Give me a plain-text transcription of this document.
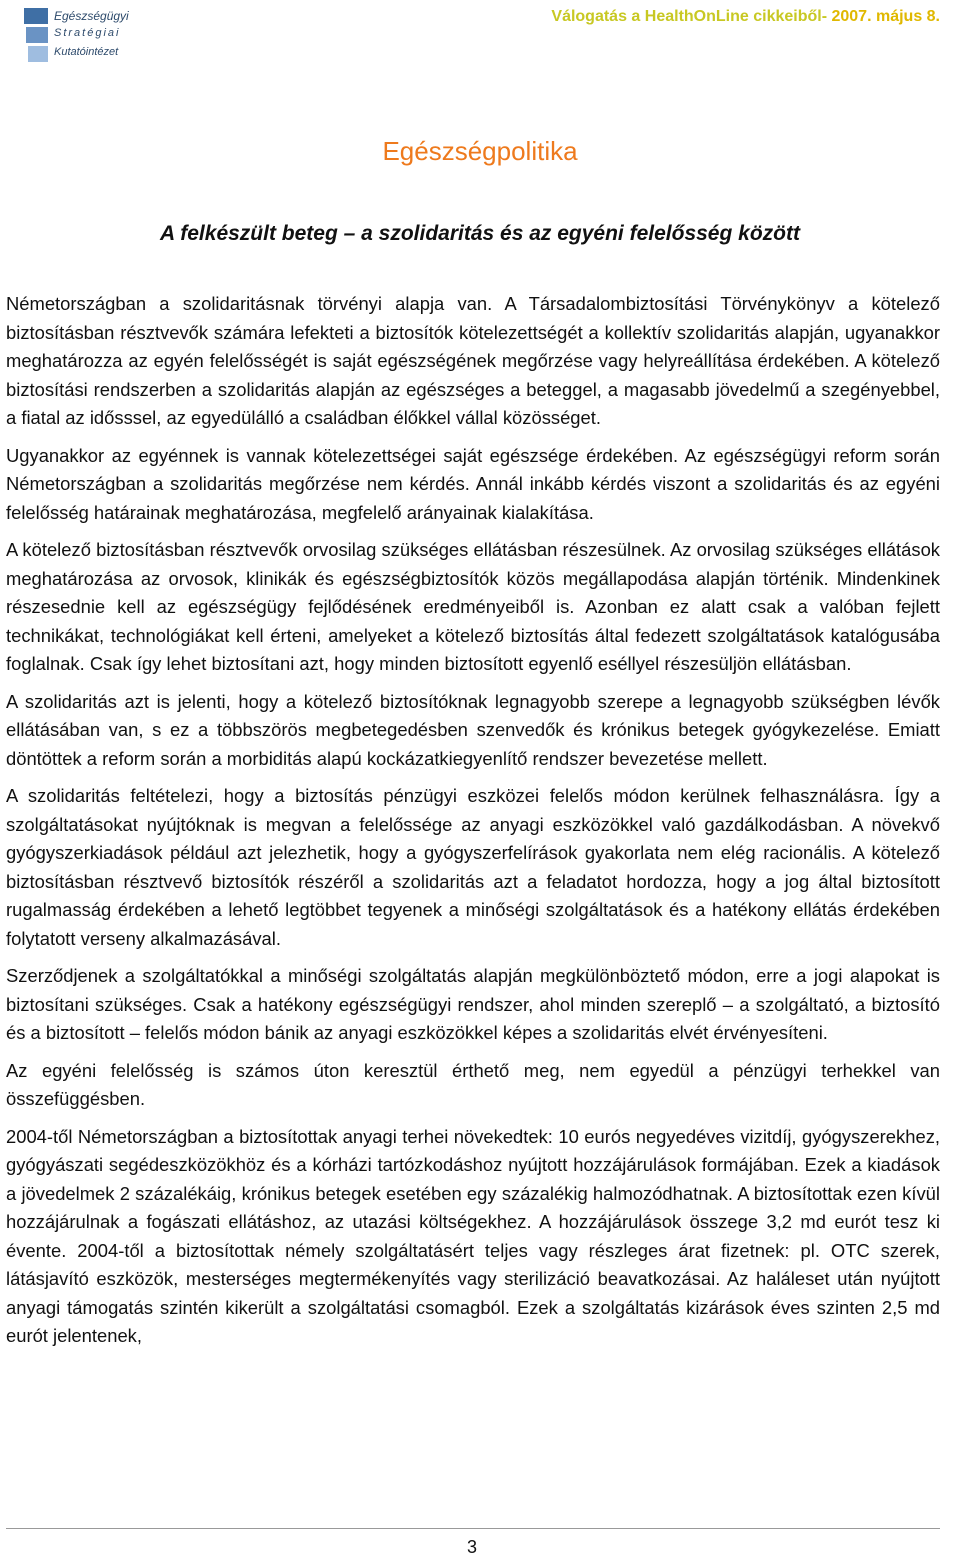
Egészségügyi
Stratégiai
Kutatóintézet
Válogatás a HealthOnLine cikkeiből- 2007. május 8.
Egészségpolitika
A felkészült beteg – a szolidaritás és az egyéni felelősség között

Németországban a szolidaritásnak törvényi alapja van. A Társadalombiztosítási Törvénykönyv a kötelező biztosításban résztvevők számára lefekteti a biztosítók kötelezettségét a kollektív szolidaritás alapján, ugyanakkor meghatározza az egyén felelősségét is saját egészségének megőrzése vagy helyreállítása érdekében. A kötelező biztosítási rendszerben a szolidaritás alapján az egészséges a beteggel, a magasabb jövedelmű a szegényebbel, a fiatal az idősssel, az egyedülálló a családban élőkkel vállal közösséget.

Ugyanakkor az egyénnek is vannak kötelezettségei saját egészsége érdekében. Az egészségügyi reform során Németországban a szolidaritás megőrzése nem kérdés. Annál inkább kérdés viszont a szolidaritás és az egyéni felelősség határainak meghatározása, megfelelő arányainak kialakítása.

A kötelező biztosításban résztvevők orvosilag szükséges ellátásban részesülnek. Az orvosilag szükséges ellátások meghatározása az orvosok, klinikák és egészségbiztosítók közös megállapodása alapján történik. Mindenkinek részesednie kell az egészségügy fejlődésének eredményeiből is. Azonban ez alatt csak a valóban fejlett technikákat, technológiákat kell érteni, amelyeket a kötelező biztosítás által fedezett szolgáltatások katalógusába foglalnak. Csak így lehet biztosítani azt, hogy minden biztosított egyenlő eséllyel részesüljön ellátásban.

A szolidaritás azt is jelenti, hogy a kötelező biztosítóknak legnagyobb szerepe a legnagyobb szükségben lévők ellátásában van, s ez a többszörös megbetegedésben szenvedők és krónikus betegek gyógykezelése. Emiatt döntöttek a reform során a morbiditás alapú kockázatkiegyenlítő rendszer bevezetése mellett.

A szolidaritás feltételezi, hogy a biztosítás pénzügyi eszközei felelős módon kerülnek felhasználásra. Így a szolgáltatásokat nyújtóknak is megvan a felelőssége az anyagi eszközökkel való gazdálkodásban. A növekvő gyógyszerkiadások például azt jelezhetik, hogy a gyógyszerfelírások gyakorlata nem elég racionális. A kötelező biztosításban résztvevő biztosítók részéről a szolidaritás azt a feladatot hordozza, hogy a jog által biztosított rugalmasság érdekében a lehető legtöbbet tegyenek a minőségi szolgáltatások és a hatékony ellátás érdekében folytatott verseny alkalmazásával.

Szerződjenek a szolgáltatókkal a minőségi szolgáltatás alapján megkülönböztető módon, erre a jogi alapokat is biztosítani szükséges. Csak a hatékony egészségügyi rendszer, ahol minden szereplő – a szolgáltató, a biztosító és a biztosított – felelős módon bánik az anyagi eszközökkel képes a szolidaritás elvét érvényesíteni.

Az egyéni felelősség is számos úton keresztül érthető meg, nem egyedül a pénzügyi terhekkel van összefüggésben.

2004-től Németországban a biztosítottak anyagi terhei növekedtek: 10 eurós negyedéves vizitdíj, gyógyszerekhez, gyógyászati segédeszközökhöz és a kórházi tartózkodáshoz nyújtott hozzájárulások formájában. Ezek a kiadások a jövedelmek 2 százalékáig, krónikus betegek esetében egy százalékig halmozódhatnak. A biztosítottak ezen kívül hozzájárulnak a fogászati ellátáshoz, az utazási költségekhez. A hozzájárulások összege 3,2 md eurót tesz ki évente. 2004-től a biztosítottak némely szolgáltatásért teljes vagy részleges árat fizetnek: pl. OTC szerek, látásjavító eszközök, mesterséges megtermékenyítés vagy sterilizáció beavatkozásai. Az haláleset után nyújtott anyagi támogatás szintén kikerült a szolgáltatási csomagból. Ezek a szolgáltatás kizárások éves szinten 2,5 md eurót jelentenek,

3
